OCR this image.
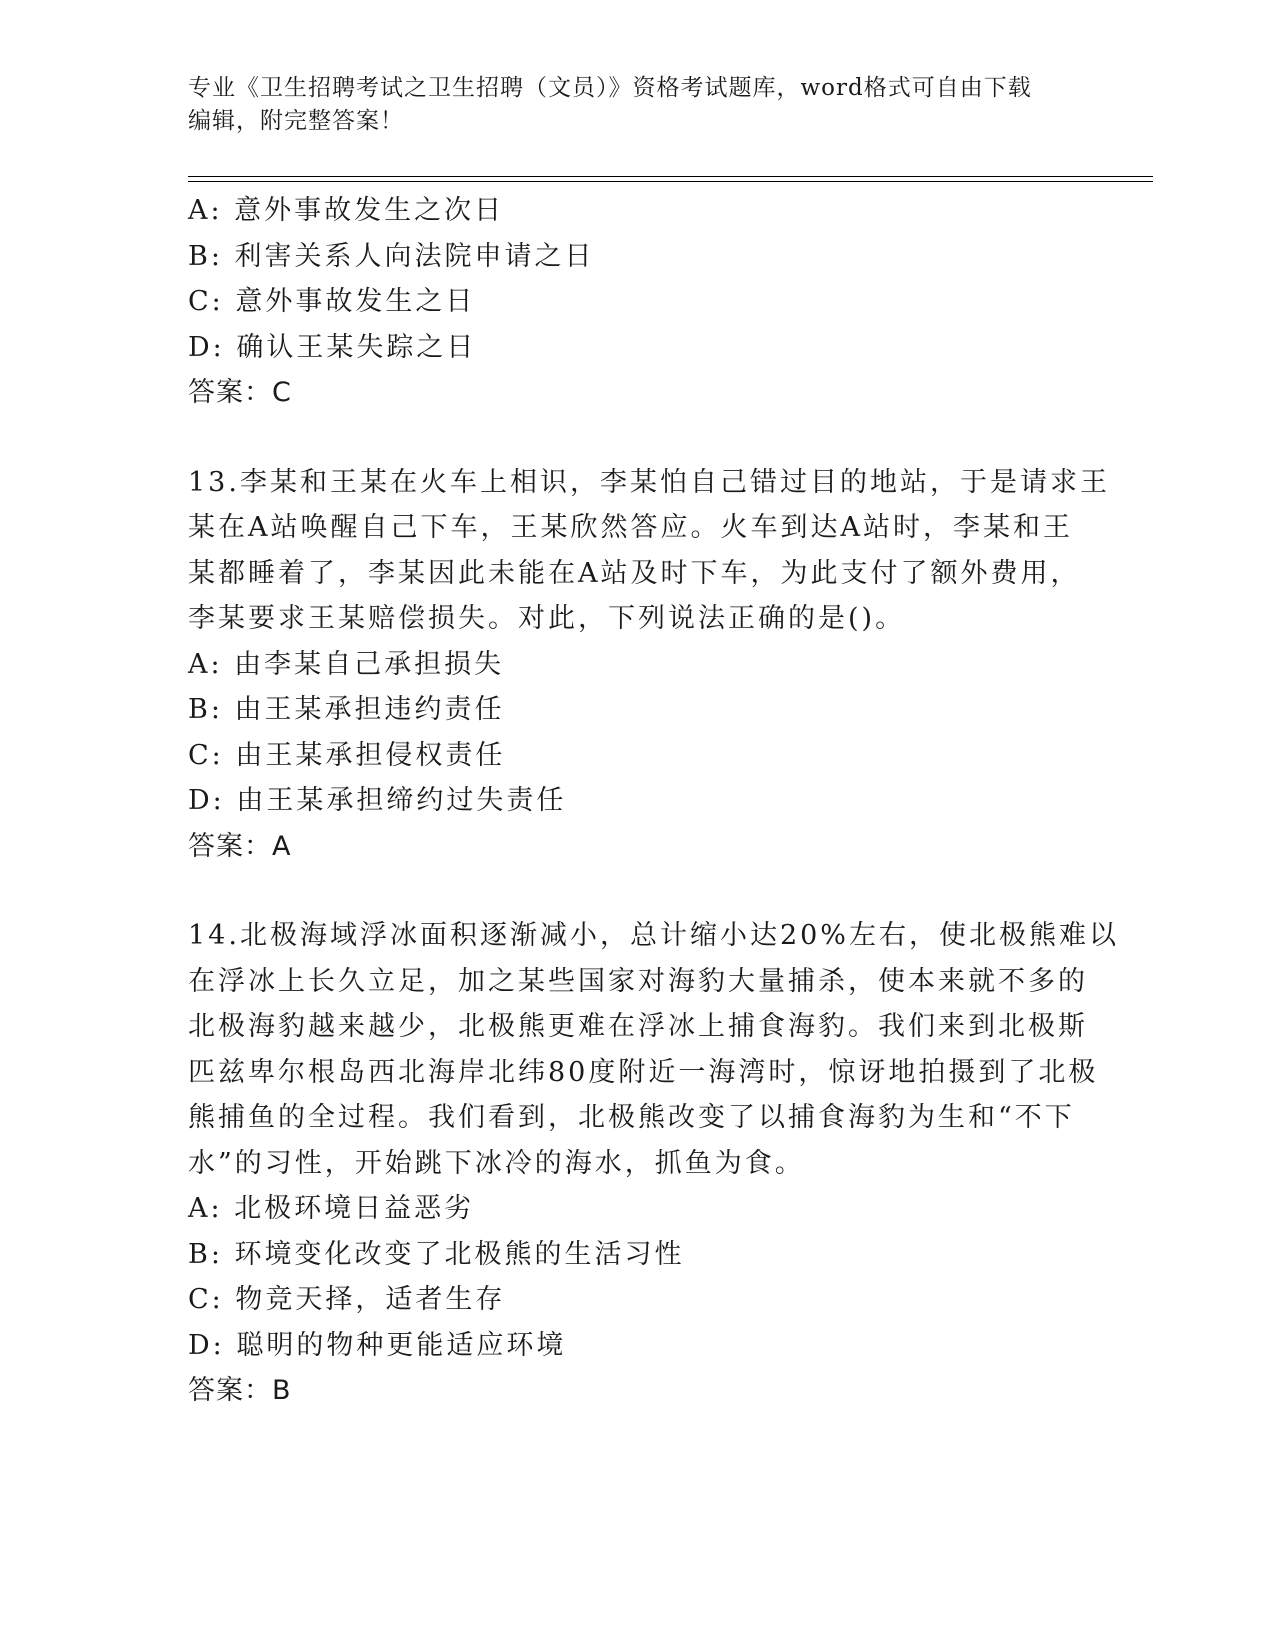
专业《卫生招聘考试之卫生招聘（文员）》资格考试题库，word格式可自由下载
编辑，附完整答案！
A: 意外事故发生之次日
B: 利害关系人向法院申请之日
C: 意外事故发生之日
D: 确认王某失踪之日
答案：C
13.李某和王某在火车上相识，李某怕自己错过目的地站，于是请求王
某在A站唤醒自己下车，王某欣然答应。火车到达A站时，李某和王
某都睡着了，李某因此未能在A站及时下车，为此支付了额外费用，
李某要求王某赔偿损失。对此，下列说法正确的是()。
A: 由李某自己承担损失
B: 由王某承担违约责任
C: 由王某承担侵权责任
D: 由王某承担缔约过失责任
答案：A
14.北极海域浮冰面积逐渐减小，总计缩小达20%左右，使北极熊难以
在浮冰上长久立足，加之某些国家对海豹大量捕杀，使本来就不多的
北极海豹越来越少，北极熊更难在浮冰上捕食海豹。我们来到北极斯
匹兹卑尔根岛西北海岸北纬80度附近一海湾时，惊讶地拍摄到了北极
熊捕鱼的全过程。我们看到，北极熊改变了以捕食海豹为生和“不下
水”的习性，开始跳下冰冷的海水，抓鱼为食。
A: 北极环境日益恶劣
B: 环境变化改变了北极熊的生活习性
C: 物竞天择，适者生存
D: 聪明的物种更能适应环境
答案：B
